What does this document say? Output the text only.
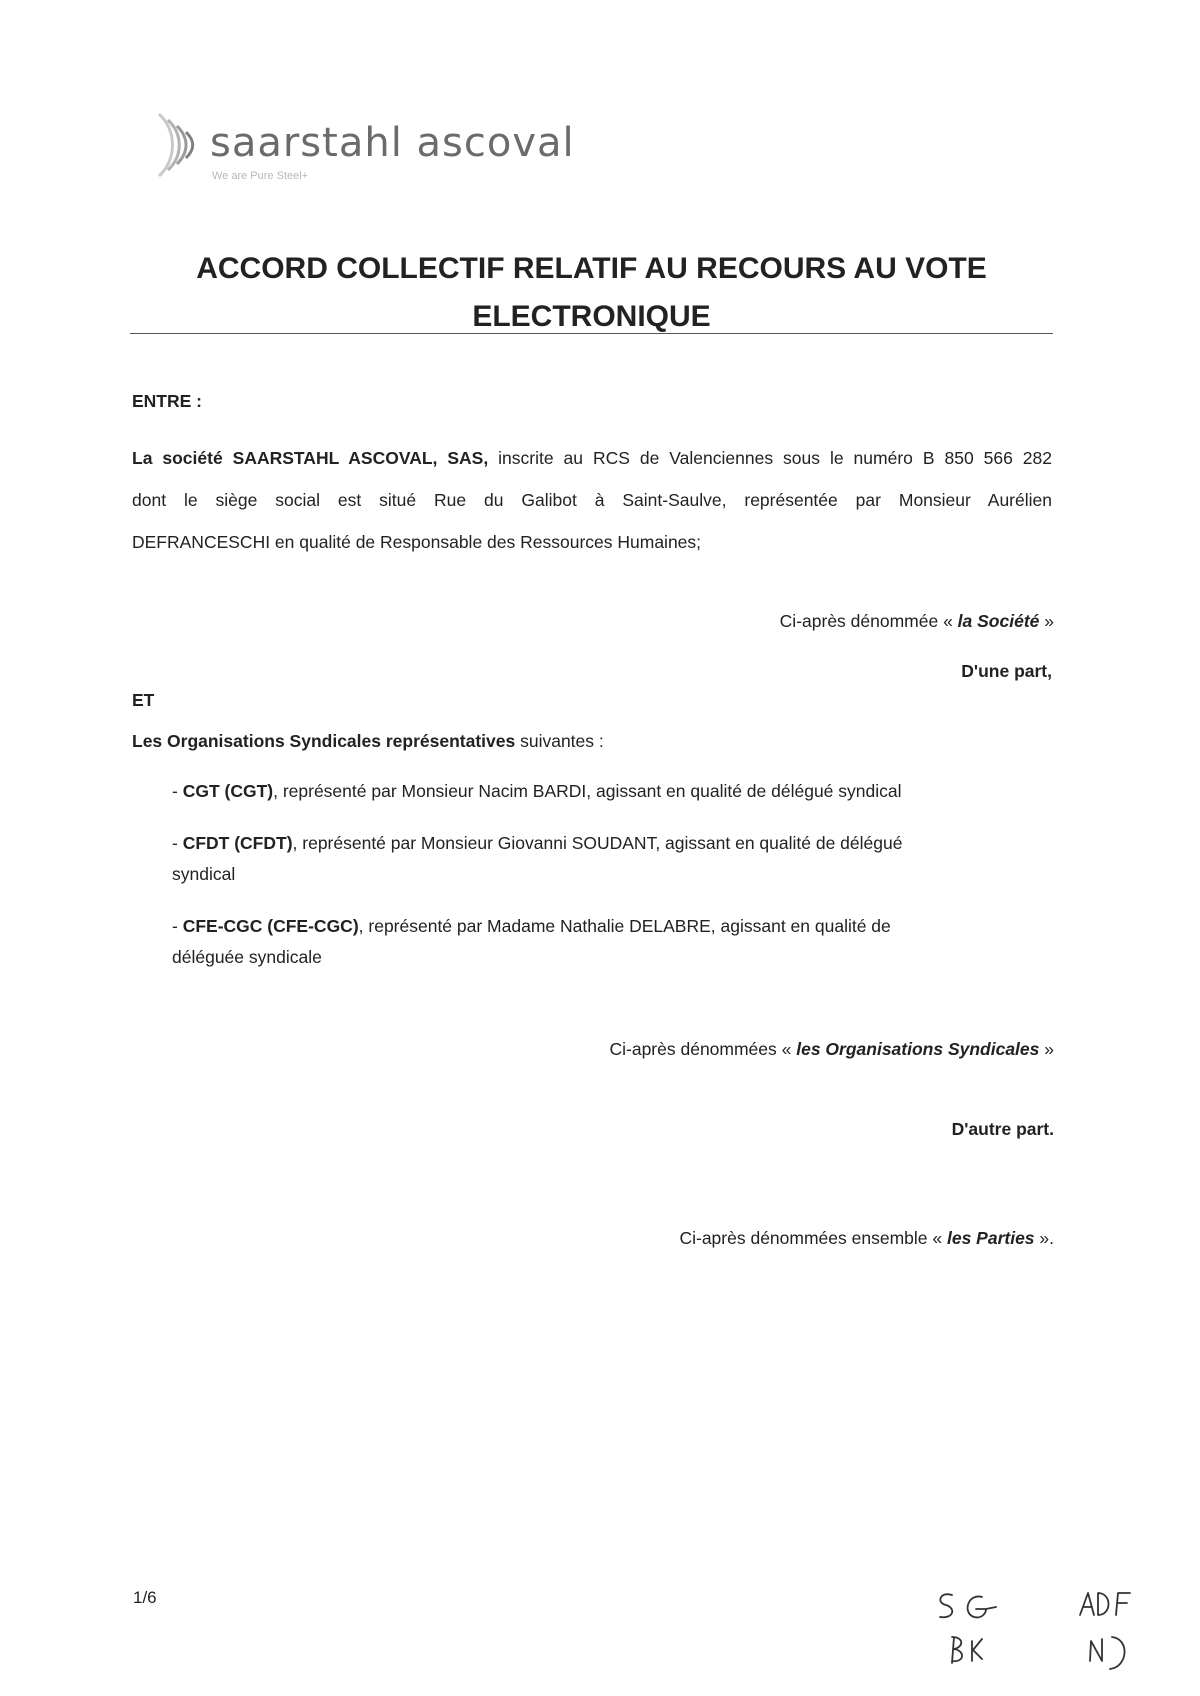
saarstahl ascoval
We are Pure Steel+
ACCORD COLLECTIF RELATIF AU RECOURS AU VOTE
ELECTRONIQUE
ENTRE :
La société SAARSTAHL ASCOVAL, SAS, inscrite au RCS de Valenciennes sous le numéro B 850 566 282
dont le siège social est situé Rue du Galibot à Saint-Saulve, représentée par Monsieur Aurélien
DEFRANCESCHI en qualité de Responsable des Ressources Humaines;
Ci-après dénommée « la Société »
D'une part,
ET
Les Organisations Syndicales représentatives suivantes :
- CGT (CGT), représenté par Monsieur Nacim BARDI, agissant en qualité de délégué syndical
- CFDT (CFDT), représenté par Monsieur Giovanni SOUDANT, agissant en qualité de délégué
syndical
- CFE-CGC (CFE-CGC), représenté par Madame Nathalie DELABRE, agissant en qualité de
déléguée syndicale
Ci-après dénommées « les Organisations Syndicales »
D'autre part.
Ci-après dénommées ensemble « les Parties ».
1/6
